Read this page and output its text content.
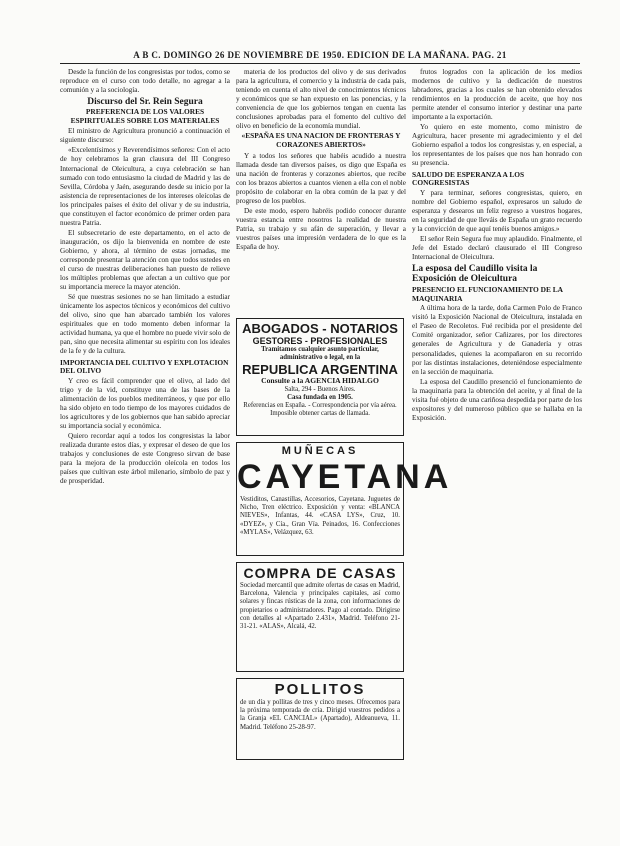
A B C. DOMINGO 26 DE NOVIEMBRE DE 1950. EDICION DE LA MAÑANA. PAG. 21

Desde la función de los congresistas por todos, como se reproduce en el curso con todo detalle, no agregar a la comunión y a la sociología.

Discurso del Sr. Rein Segura
PREFERENCIA DE LOS VALORES ESPIRITUALES SOBRE LOS MATERIALES

El ministro de Agricultura pronunció a continuación el siguiente discurso:

«Excelentísimos y Reverendísimos señores: Con el acto de hoy celebramos la gran clausura del III Congreso Internacional de Oleicultura, a cuya celebración se han sumado con todo entusiasmo la ciudad de Madrid y las de Sevilla, Córdoba y Jaén, asegurando desde su inicio por la asistencia de representaciones de los intereses oleícolas de los principales países el éxito del olivar y de su industria, que constituyen el factor económico de primer orden para nuestra Patria.

El subsecretario de este departamento, en el acto de inauguración, os dijo la bienvenida en nombre de este Gobierno, y ahora, al término de estas jornadas, me corresponde presentar la atención con que todos ustedes en el curso de nuestras deliberaciones han puesto de relieve los múltiples problemas que afectan a un cultivo que por su importancia merece la mayor atención.

Sé que nuestras sesiones no se han limitado a estudiar únicamente los aspectos técnicos y económicos del cultivo del olivo, sino que han abarcado también los valores espirituales que en todo momento deben informar la actividad humana, ya que el hombre no puede vivir solo de pan, sino que necesita alimentar su espíritu con los ideales de la fe y de la cultura.

IMPORTANCIA DEL CULTIVO Y EXPLOTACION DEL OLIVO

Y creo es fácil comprender que el olivo, al lado del trigo y de la vid, constituye una de las bases de la alimentación de los pueblos mediterráneos, y que por ello ha sido objeto en todo tiempo de los mayores cuidados de los agricultores y de los gobiernos que han sabido apreciar su importancia social y económica.

Quiero recordar aquí a todos los congresistas la labor realizada durante estos días, y expresar el deseo de que los trabajos y conclusiones de este Congreso sirvan de base para la mejora de la producción oleícola en todos los países que cultivan este árbol milenario, símbolo de paz y de prosperidad.

materia de los productos del olivo y de sus derivados para la agricultura, el comercio y la industria de cada país, teniendo en cuenta el alto nivel de conocimientos técnicos y económicos que se han expuesto en las ponencias, y la conveniencia de que los gobiernos tengan en cuenta las conclusiones aprobadas para el fomento del cultivo del olivo en beneficio de la economía mundial.

«ESPAÑA ES UNA NACION DE FRONTERAS Y CORAZONES ABIERTOS»

Y a todos los señores que habéis acudido a nuestra llamada desde tan diversos países, os digo que España es una nación de fronteras y corazones abiertos, que recibe con los brazos abiertos a cuantos vienen a ella con el noble propósito de colaborar en la obra común de la paz y del progreso de los pueblos.

De este modo, espero habréis podido conocer durante vuestra estancia entre nosotros la realidad de nuestra Patria, su trabajo y su afán de superación, y llevar a vuestros países una impresión verdadera de lo que es la España de hoy.

ABOGADOS - NOTARIOS
GESTORES - PROFESIONALES
Tramitamos cualquier asunto particular, administrativo o legal, en la
REPUBLICA ARGENTINA
Consulte a la AGENCIA HIDALGO
Salta, 294 - Buenos Aires.
Casa fundada en 1905.
Referencias en España. - Correspondencia por vía aérea.
Imposible obtener cartas de llamada.
MUÑECAS
CAYETANA
Vestiditos, Canastillas, Accesorios, Cayetana. Juguetes de Nicho, Tren eléctrico. Exposición y venta: «BLANCA NIEVES», Infantas, 44. «CASA LYS», Cruz, 10. «DYEZ», y Cía., Gran Vía. Peinados, 16. Confecciones «MYLAS», Velázquez, 63.
COMPRA DE CASAS
Sociedad mercantil que admite ofertas de casas en Madrid, Barcelona, Valencia y principales capitales, así como solares y fincas rústicas de la zona, con informaciones de propietarios o administradores. Pago al contado. Dirigirse con detalles al «Apartado 2.431», Madrid. Teléfono 21-31-21. «ALAS», Alcalá, 42.
POLLITOS
de un día y pollitas de tres y cinco meses. Ofrecemos para la próxima temporada de cría. Dirigid vuestros pedidos a la Granja «EL CANCIAL» (Apartado), Aldeanueva, 11. Madrid. Teléfono 25-28-97.

frutos logrados con la aplicación de los medios modernos de cultivo y la dedicación de nuestros labradores, gracias a los cuales se han obtenido elevados rendimientos en la producción de aceite, que hoy nos permite atender el consumo interior y destinar una parte importante a la exportación.

Yo quiero en este momento, como ministro de Agricultura, hacer presente mi agradecimiento y el del Gobierno español a todos los congresistas y, en especial, a los representantes de los países que nos han honrado con su presencia.

SALUDO DE ESPERANZA A LOS CONGRESISTAS

Y para terminar, señores congresistas, quiero, en nombre del Gobierno español, expresaros un saludo de esperanza y desearos un feliz regreso a vuestros hogares, en la seguridad de que lleváis de España un grato recuerdo y la convicción de que aquí tenéis buenos amigos.»

El señor Rein Segura fue muy aplaudido. Finalmente, el Jefe del Estado declaró clausurado el III Congreso Internacional de Oleicultura.

La esposa del Caudillo visita la Exposición de Oleicultura
PRESENCIO EL FUNCIONAMIENTO DE LA MAQUINARIA

A última hora de la tarde, doña Carmen Polo de Franco visitó la Exposición Nacional de Oleicultura, instalada en el Paseo de Recoletos. Fué recibida por el presidente del Comité organizador, señor Cañizares, por los directores generales de Agricultura y de Ganadería y otras personalidades, quienes la acompañaron en su recorrido por las distintas instalaciones, deteniéndose especialmente en la sección de maquinaria.

La esposa del Caudillo presenció el funcionamiento de la maquinaria para la obtención del aceite, y al final de la visita fué objeto de una cariñosa despedida por parte de los expositores y del numeroso público que se hallaba en la Exposición.
